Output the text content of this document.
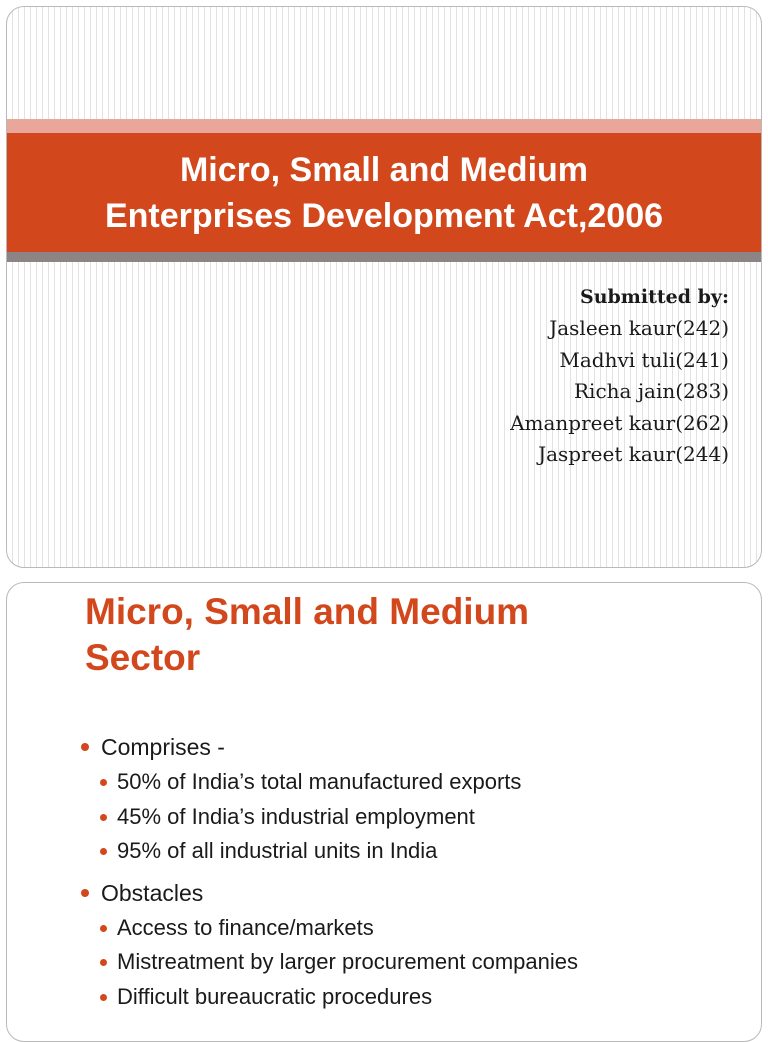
Micro, Small and Medium
Enterprises Development Act,2006
Submitted by:
Jasleen kaur(242)
Madhvi tuli(241)
Richa jain(283)
Amanpreet kaur(262)
Jaspreet kaur(244)
Micro, Small and Medium
Sector
Comprises -
50% of India’s total manufactured exports
45% of India’s industrial employment
95% of all industrial units in India
Obstacles
Access to finance/markets
Mistreatment by larger procurement companies
Difficult bureaucratic procedures
